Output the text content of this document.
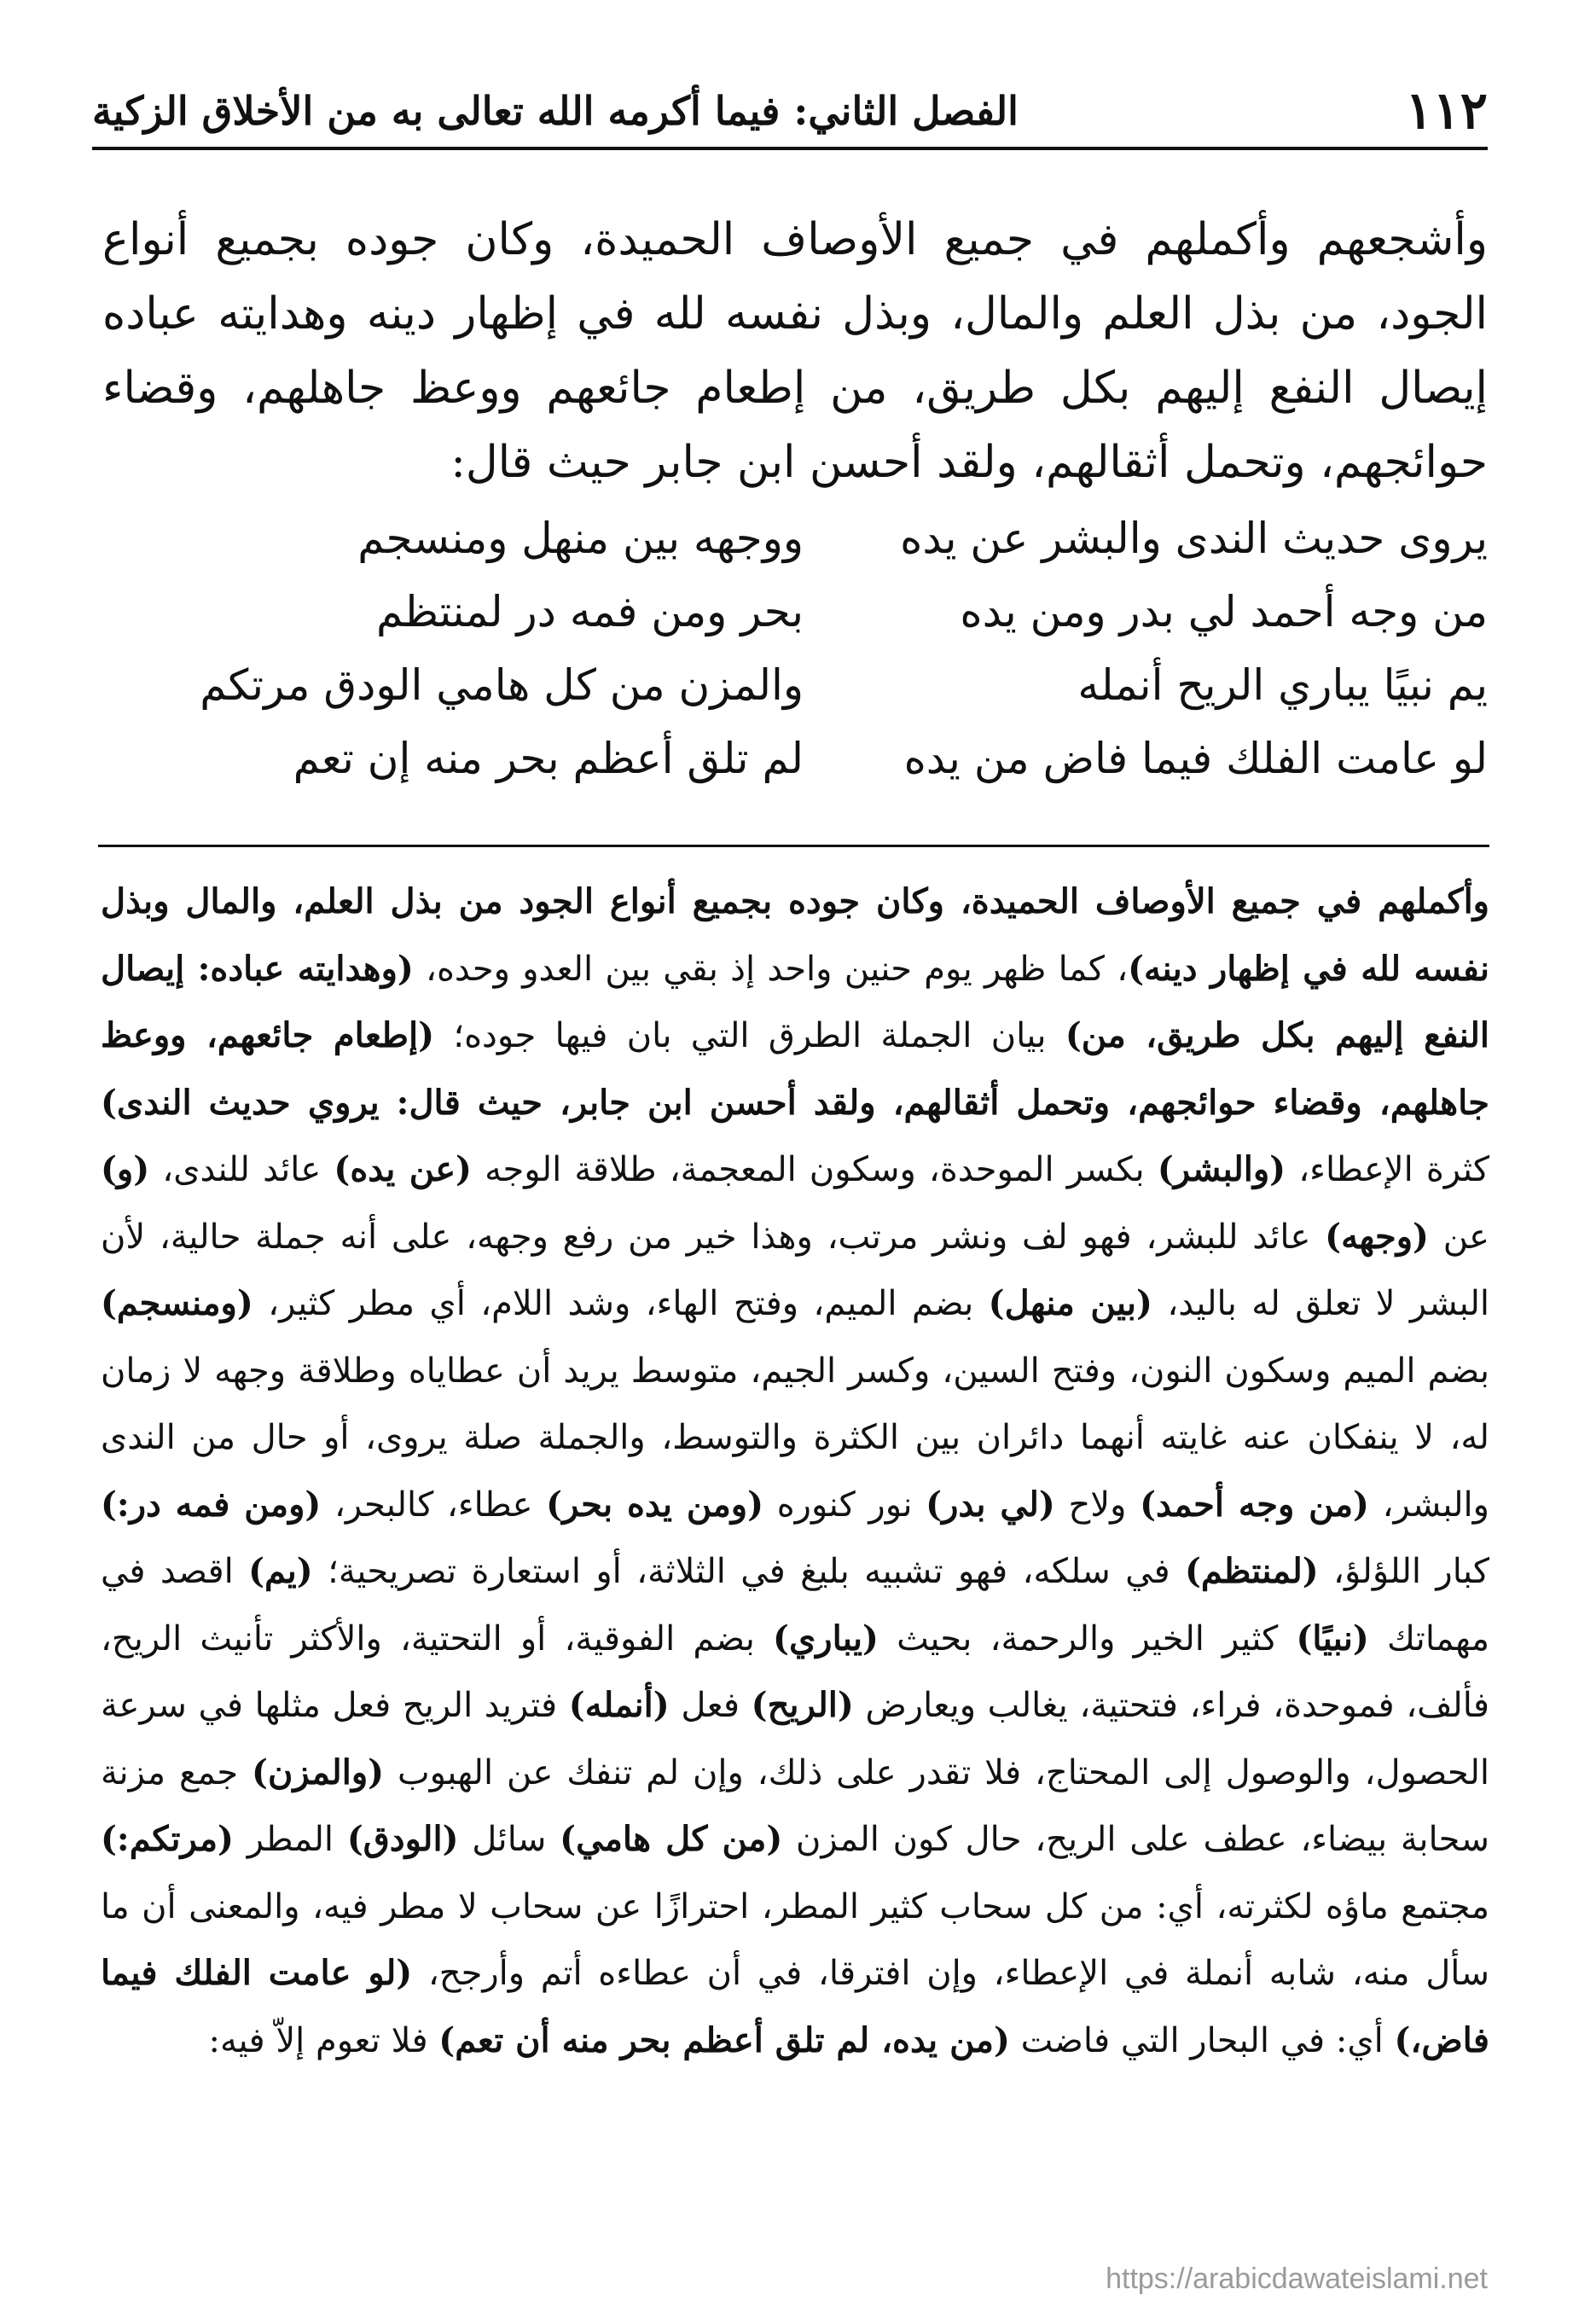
١١٢
الفصل الثاني: فيما أكرمه الله تعالى به من الأخلاق الزكية
وأشجعهم وأكملهم في جميع الأوصاف الحميدة، وكان جوده بجميع أنواع الجود، من بذل العلم والمال، وبذل نفسه لله في إظهار دينه وهدايته عباده إيصال النفع إليهم بكل طريق، من إطعام جائعهم ووعظ جاهلهم، وقضاء حوائجهم، وتحمل أثقالهم، ولقد أحسن ابن جابر حيث قال:
يروى حديث الندى والبشر عن يده
ووجهه بين منهل ومنسجم
من وجه أحمد لي بدر ومن يده
بحر ومن فمه در لمنتظم
يم نبيًا يباري الريح أنمله
والمزن من كل هامي الودق مرتكم
لو عامت الفلك فيما فاض من يده
لم تلق أعظم بحر منه إن تعم

وأكملهم في جميع الأوصاف الحميدة، وكان جوده بجميع أنواع الجود من بذل العلم، والمال وبذل نفسه لله في إظهار دينه)، كما ظهر يوم حنين واحد إذ بقي بين العدو وحده، (وهدايته عباده: إيصال النفع إليهم بكل طريق، من) بيان الجملة الطرق التي بان فيها جوده؛ (إطعام جائعهم، ووعظ جاهلهم، وقضاء حوائجهم، وتحمل أثقالهم، ولقد أحسن ابن جابر، حيث قال: يروي حديث الندى) كثرة الإعطاء، (والبشر) بكسر الموحدة، وسكون المعجمة، طلاقة الوجه (عن يده) عائد للندى، (و) عن (وجهه) عائد للبشر، فهو لف ونشر مرتب، وهذا خير من رفع وجهه، على أنه جملة حالية، لأن البشر لا تعلق له باليد، (بين منهل) بضم الميم، وفتح الهاء، وشد اللام، أي مطر كثير، (ومنسجم) بضم الميم وسكون النون، وفتح السين، وكسر الجيم، متوسط يريد أن عطاياه وطلاقة وجهه لا زمان له، لا ينفكان عنه غايته أنهما دائران بين الكثرة والتوسط، والجملة صلة يروى، أو حال من الندى والبشر، (من وجه أحمد) ولاح (لي بدر) نور كنوره (ومن يده بحر) عطاء، كالبحر، (ومن فمه در:) كبار اللؤلؤ، (لمنتظم) في سلكه، فهو تشبيه بليغ في الثلاثة، أو استعارة تصريحية؛ (يم) اقصد في مهماتك (نبيًا) كثير الخير والرحمة، بحيث (يباري) بضم الفوقية، أو التحتية، والأكثر تأنيث الريح، فألف، فموحدة، فراء، فتحتية، يغالب ويعارض (الريح) فعل (أنمله) فتريد الريح فعل مثلها في سرعة الحصول، والوصول إلى المحتاج، فلا تقدر على ذلك، وإن لم تنفك عن الهبوب (والمزن) جمع مزنة سحابة بيضاء، عطف على الريح، حال كون المزن (من كل هامي) سائل (الودق) المطر (مرتكم:) مجتمع ماؤه لكثرته، أي: من كل سحاب كثير المطر، احترازًا عن سحاب لا مطر فيه، والمعنى أن ما سأل منه، شابه أنملة في الإعطاء، وإن افترقا، في أن عطاءه أتم وأرجح، (لو عامت الفلك فيما فاض،) أي: في البحار التي فاضت (من يده، لم تلق أعظم بحر منه أن تعم) فلا تعوم إلاّ فيه:

https://arabicdawateislami.net
